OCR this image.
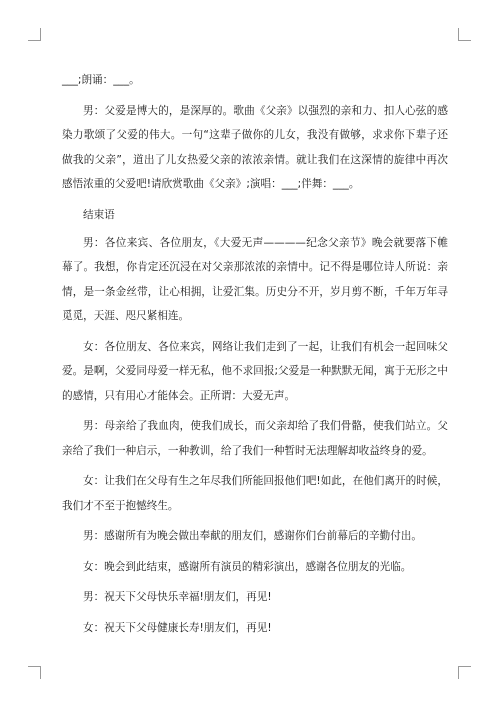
___;朗诵：___。

男：父爱是博大的，是深厚的。歌曲《父亲》以强烈的亲和力、扣人心弦的感染力歌颂了父爱的伟大。一句“这辈子做你的儿女，我没有做够，求求你下辈子还做我的父亲”，道出了儿女热爱父亲的浓浓亲情。就让我们在这深情的旋律中再次感悟浓重的父爱吧!请欣赏歌曲《父亲》;演唱：___;伴舞：___。

结束语

男：各位来宾、各位朋友，《大爱无声————纪念父亲节》晚会就要落下帷幕了。我想，你肯定还沉浸在对父亲那浓浓的亲情中。记不得是哪位诗人所说：亲情，是一条金丝带，让心相拥，让爱汇集。历史分不开，岁月剪不断，千年万年寻觅觅，天涯、咫尺紧相连。

女：各位朋友、各位来宾，网络让我们走到了一起，让我们有机会一起回味父爱。是啊，父爱同母爱一样无私，他不求回报;父爱是一种默默无闻，寓于无形之中的感情，只有用心才能体会。正所谓：大爱无声。

男：母亲给了我血肉，使我们成长，而父亲却给了我们骨骼，使我们站立。父亲给了我们一种启示，一种教训，给了我们一种暂时无法理解却收益终身的爱。

女：让我们在父母有生之年尽我们所能回报他们吧!如此，在他们离开的时候，我们才不至于抱憾终生。

男：感谢所有为晚会做出奉献的朋友们，感谢你们台前幕后的辛勤付出。

女：晚会到此结束，感谢所有演员的精彩演出，感谢各位朋友的光临。

男：祝天下父母快乐幸福!朋友们，再见!

女：祝天下父母健康长寿!朋友们，再见!
